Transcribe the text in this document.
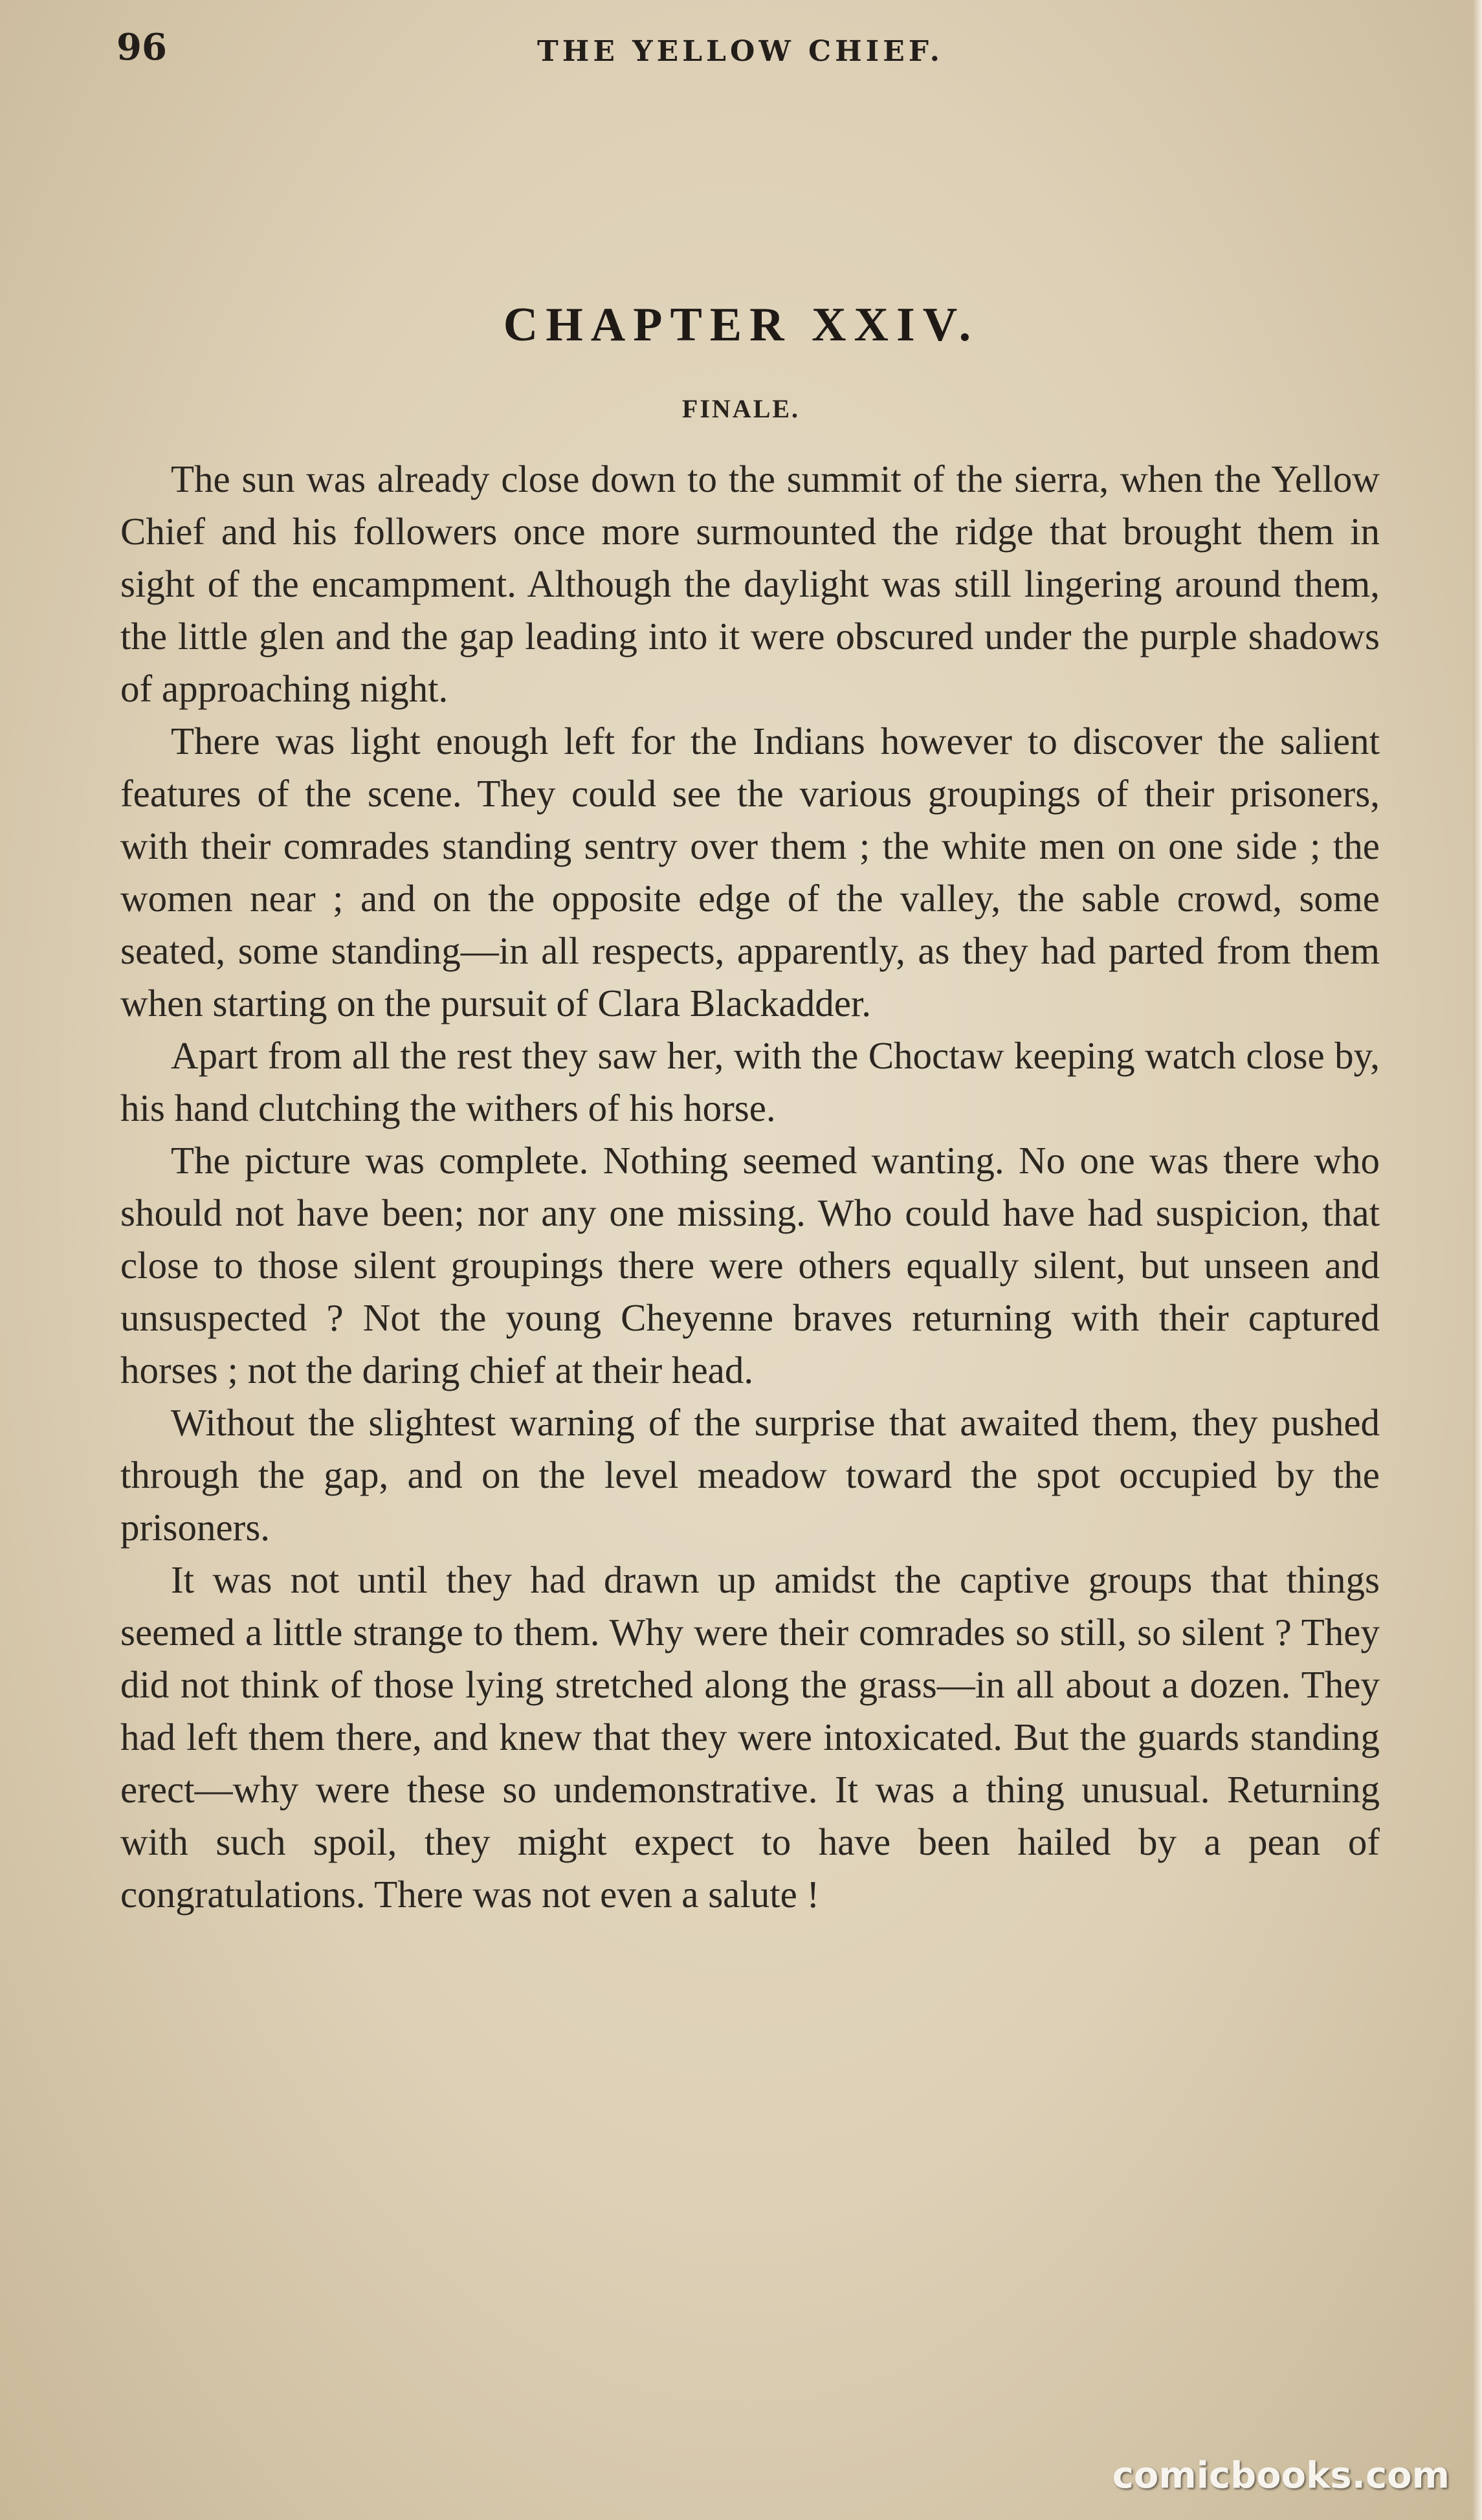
96	THE YELLOW CHIEF.
CHAPTER XXIV.
FINALE.

The sun was already close down to the summit of the sierra, when the Yellow Chief and his followers once more surmounted the ridge that brought them in sight of the encampment. Although the daylight was still lingering around them, the little glen and the gap leading into it were obscured under the purple shadows of approaching night.

There was light enough left for the Indians however to discover the salient features of the scene. They could see the various groupings of their prisoners, with their comrades standing sentry over them ; the white men on one side ; the women near ; and on the opposite edge of the valley, the sable crowd, some seated, some standing—in all respects, apparently, as they had parted from them when starting on the pursuit of Clara Blackadder.

Apart from all the rest they saw her, with the Choctaw keeping watch close by, his hand clutching the withers of his horse.

The picture was complete. Nothing seemed wanting. No one was there who should not have been; nor any one missing. Who could have had suspicion, that close to those silent groupings there were others equally silent, but unseen and unsuspected ? Not the young Cheyenne braves returning with their captured horses ; not the daring chief at their head.

Without the slightest warning of the surprise that awaited them, they pushed through the gap, and on the level meadow toward the spot occupied by the prisoners.

It was not until they had drawn up amidst the captive groups that things seemed a little strange to them. Why were their comrades so still, so silent ? They did not think of those lying stretched along the grass—in all about a dozen. They had left them there, and knew that they were intoxicated. But the guards standing erect—why were these so undemonstrative. It was a thing unusual. Returning with such spoil, they might expect to have been hailed by a pean of congratulations. There was not even a salute !

comicbooks.com
